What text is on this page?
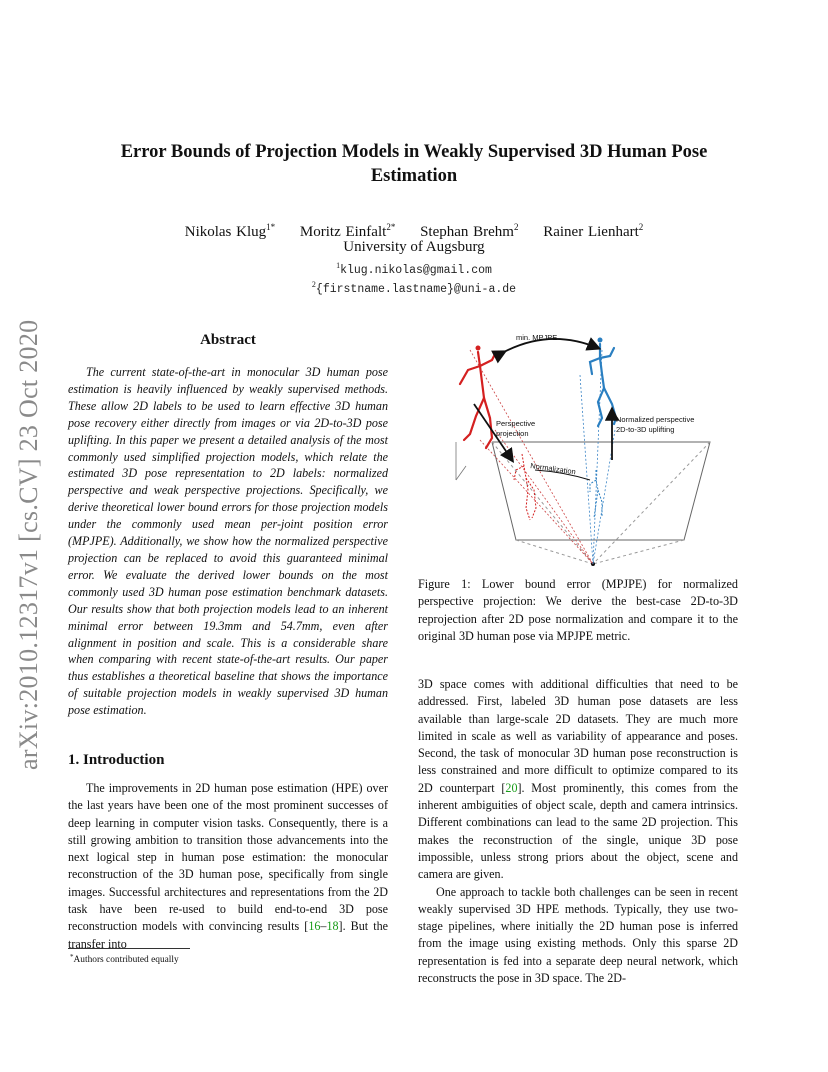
arXiv:2010.12317v1 [cs.CV] 23 Oct 2020
Error Bounds of Projection Models in Weakly Supervised 3D Human Pose
Estimation
Nikolas Klug$^{1*}$ Moritz Einfalt$^{2*}$ Stephan Brehm$^2$ Rainer Lienhart$^2$
University of Augsburg
$^1$klug.nikolas@gmail.com
$^2${firstname.lastname}@uni-a.de
Abstract
The current state-of-the-art in monocular 3D human pose estimation is heavily influenced by weakly supervised methods. These allow 2D labels to be used to learn effective 3D human pose recovery either directly from images or via 2D-to-3D pose uplifting. In this paper we present a detailed analysis of the most commonly used simplified projection models, which relate the estimated 3D pose representation to 2D labels: normalized perspective and weak perspective projections. Specifically, we derive theoretical lower bound errors for those projection models under the commonly used mean per-joint position error (MPJPE). Additionally, we show how the normalized perspective projection can be replaced to avoid this guaranteed minimal error. We evaluate the derived lower bounds on the most commonly used 3D human pose estimation benchmark datasets. Our results show that both projection models lead to an inherent minimal error between 19.3mm and 54.7mm, even after alignment in position and scale. This is a considerable share when comparing with recent state-of-the-art results. Our paper thus establishes a theoretical baseline that shows the importance of suitable projection models in weakly supervised 3D human pose estimation.
1. Introduction
The improvements in 2D human pose estimation (HPE) over the last years have been one of the most prominent successes of deep learning in computer vision tasks. Consequently, there is a still growing ambition to transition those advancements into the next logical step in human pose estimation: the monocular reconstruction of the 3D human pose, specifically from single images. Successful architectures and representations from the 2D task have been re-used to build end-to-end 3D pose reconstruction models with convincing results [16–18]. But the transfer into
*Authors contributed equally
min. MPJPE
Perspective
projection
Normalized perspective
2D-to-3D uplifting
Normalization
Figure 1: Lower bound error (MPJPE) for normalized perspective projection: We derive the best-case 2D-to-3D reprojection after 2D pose normalization and compare it to the original 3D human pose via MPJPE metric.

3D space comes with additional difficulties that need to be addressed. First, labeled 3D human pose datasets are less available than large-scale 2D datasets. They are much more limited in scale as well as variability of appearance and poses. Second, the task of monocular 3D human pose reconstruction is less constrained and more difficult to optimize compared to its 2D counterpart [20]. Most prominently, this comes from the inherent ambiguities of object scale, depth and camera intrinsics. Different combinations can lead to the same 2D projection. This makes the reconstruction of the single, unique 3D pose impossible, unless strong priors about the object, scene and camera are given.

One approach to tackle both challenges can be seen in recent weakly supervised 3D HPE methods. Typically, they use two-stage pipelines, where initially the 2D human pose is inferred from the image using existing methods. Only this sparse 2D representation is fed into a separate deep neural network, which reconstructs the pose in 3D space. The 2D-
